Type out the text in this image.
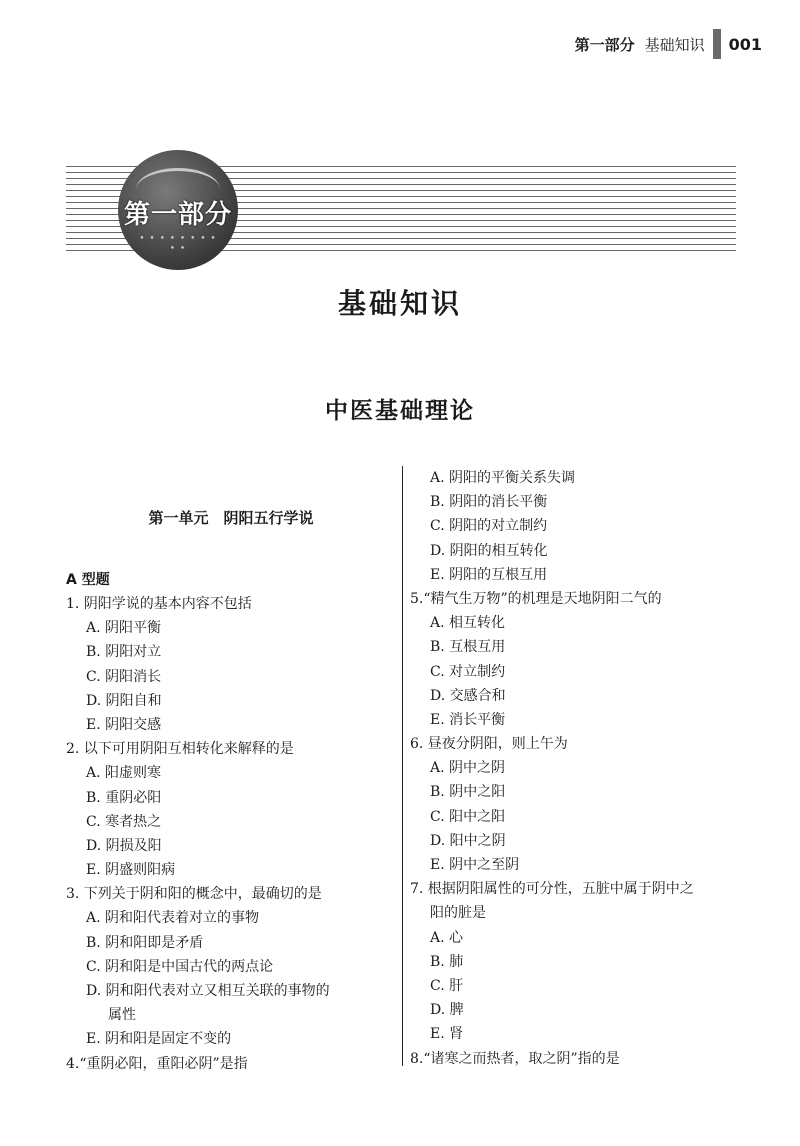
第一部分 基础知识 001
第一部分
• • • • • • • • • •
基础知识
中医基础理论
第一单元　阴阳五行学说
A 型题
1. 阴阳学说的基本内容不包括
A. 阴阳平衡
B. 阴阳对立
C. 阴阳消长
D. 阴阳自和
E. 阴阳交感
2. 以下可用阴阳互相转化来解释的是
A. 阳虚则寒
B. 重阴必阳
C. 寒者热之
D. 阴损及阳
E. 阴盛则阳病
3. 下列关于阴和阳的概念中，最确切的是
A. 阴和阳代表着对立的事物
B. 阴和阳即是矛盾
C. 阴和阳是中国古代的两点论
D. 阴和阳代表对立又相互关联的事物的
属性
E. 阴和阳是固定不变的
4.“重阴必阳，重阳必阴”是指
A. 阴阳的平衡关系失调
B. 阴阳的消长平衡
C. 阴阳的对立制约
D. 阴阳的相互转化
E. 阴阳的互根互用
5.“精气生万物”的机理是天地阴阳二气的
A. 相互转化
B. 互根互用
C. 对立制约
D. 交感合和
E. 消长平衡
6. 昼夜分阴阳，则上午为
A. 阴中之阴
B. 阴中之阳
C. 阳中之阳
D. 阳中之阴
E. 阴中之至阴
7. 根据阴阳属性的可分性，五脏中属于阴中之
阳的脏是
A. 心
B. 肺
C. 肝
D. 脾
E. 肾
8.“诸寒之而热者，取之阴”指的是
